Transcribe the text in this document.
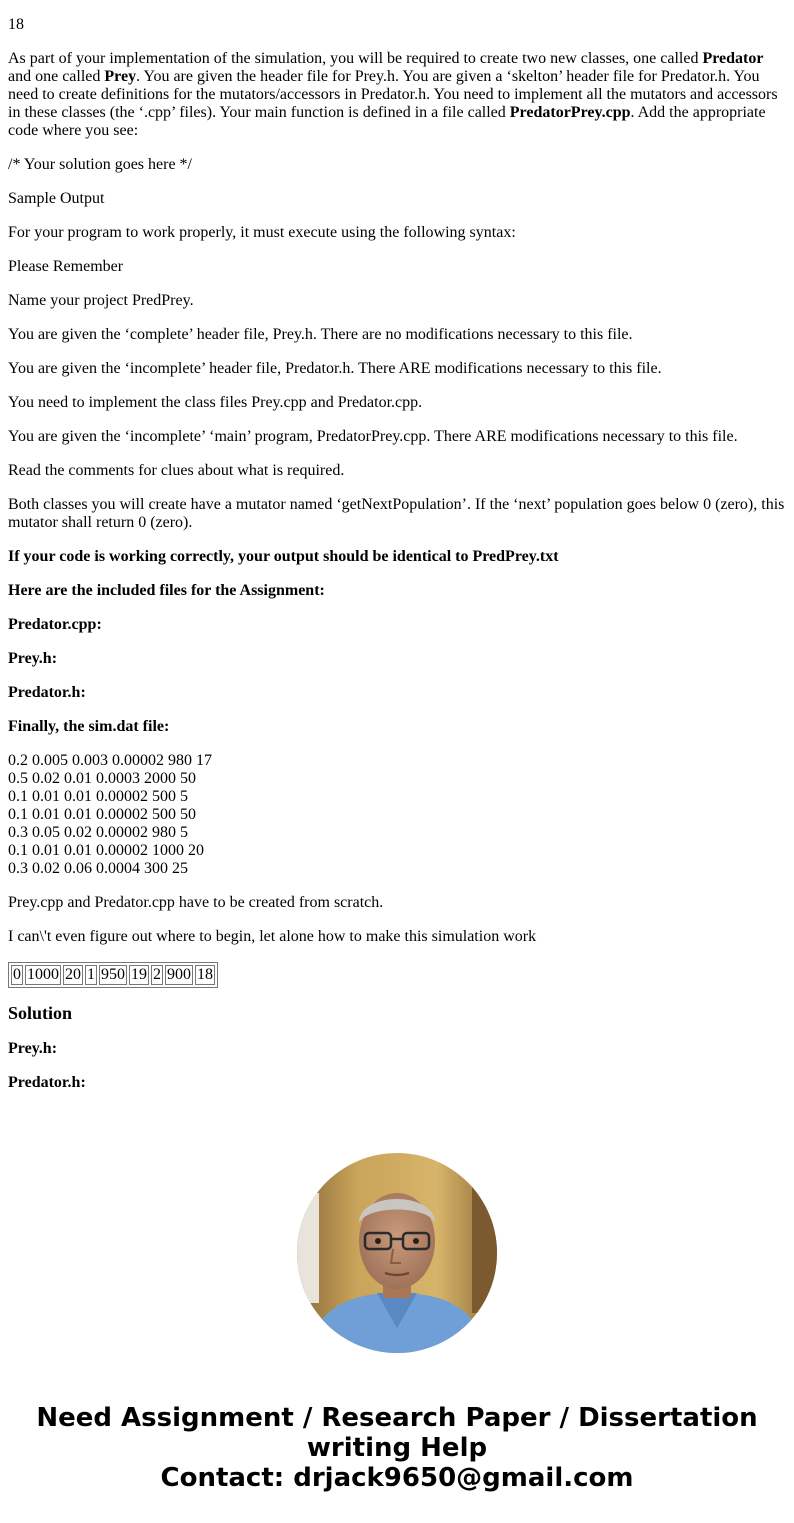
18

As part of your implementation of the simulation, you will be required to create two new classes, one called Predator and one called Prey. You are given the header file for Prey.h. You are given a ‘skelton’ header file for Predator.h. You need to create definitions for the mutators/accessors in Predator.h. You need to implement all the mutators and accessors in these classes (the ‘.cpp’ files). Your main function is defined in a file called PredatorPrey.cpp. Add the appropriate code where you see:

/* Your solution goes here */

Sample Output

For your program to work properly, it must execute using the following syntax:

Please Remember

Name your project PredPrey.

You are given the ‘complete’ header file, Prey.h. There are no modifications necessary to this file.

You are given the ‘incomplete’ header file, Predator.h. There ARE modifications necessary to this file.

You need to implement the class files Prey.cpp and Predator.cpp.

You are given the ‘incomplete’ ‘main’ program, PredatorPrey.cpp. There ARE modifications necessary to this file.

Read the comments for clues about what is required.

Both classes you will create have a mutator named ‘getNextPopulation’. If the ‘next’ population goes below 0 (zero), this mutator shall return 0 (zero).

If your code is working correctly, your output should be identical to PredPrey.txt

Here are the included files for the Assignment:

Predator.cpp:

Prey.h:

Predator.h:

Finally, the sim.dat file:

0.2 0.005 0.003 0.00002 980 17
0.5 0.02 0.01 0.0003 2000 50
0.1 0.01 0.01 0.00002 500 5
0.1 0.01 0.01 0.00002 500 50
0.3 0.05 0.02 0.00002 980 5
0.1 0.01 0.01 0.00002 1000 20
0.3 0.02 0.06 0.0004 300 25

Prey.cpp and Predator.cpp have to be created from scratch.

I can\'t even figure out where to begin, let alone how to make this simulation work

0	1000	20	1	950	19	2	900	18
Solution

Prey.h:

Predator.h:

Need Assignment / Research Paper / Dissertation
writing Help
Contact: drjack9650@gmail.com
